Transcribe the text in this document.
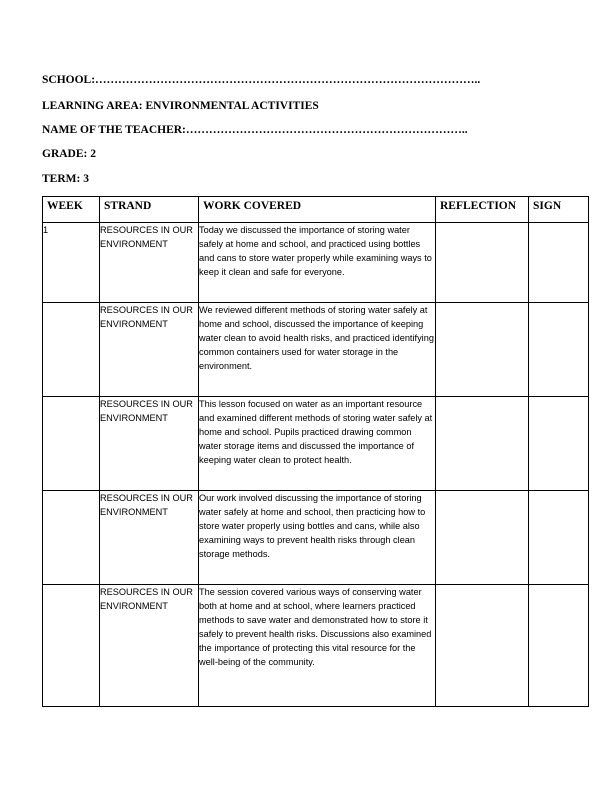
SCHOOL:………………………………………………………………………………………..
LEARNING AREA: ENVIRONMENTAL ACTIVITIES
NAME OF THE TEACHER:………………………………………………………………..
GRADE: 2
TERM: 3
WEEK	STRAND	WORK COVERED	REFLECTION	SIGN
1	RESOURCES IN OUR ENVIRONMENT	Today we discussed the importance of storing water safely at home and school, and practiced using bottles and cans to store water properly while examining ways to keep it clean and safe for everyone.		
	RESOURCES IN OUR ENVIRONMENT	We reviewed different methods of storing water safely at home and school, discussed the importance of keeping water clean to avoid health risks, and practiced identifying common containers used for water storage in the environment.		
	RESOURCES IN OUR ENVIRONMENT	This lesson focused on water as an important resource and examined different methods of storing water safely at home and school. Pupils practiced drawing common water storage items and discussed the importance of keeping water clean to protect health.		
	RESOURCES IN OUR ENVIRONMENT	Our work involved discussing the importance of storing water safely at home and school, then practicing how to store water properly using bottles and cans, while also examining ways to prevent health risks through clean storage methods.		
	RESOURCES IN OUR ENVIRONMENT	The session covered various ways of conserving water both at home and at school, where learners practiced methods to save water and demonstrated how to store it safely to prevent health risks. Discussions also examined the importance of protecting this vital resource for the well-being of the community.		
